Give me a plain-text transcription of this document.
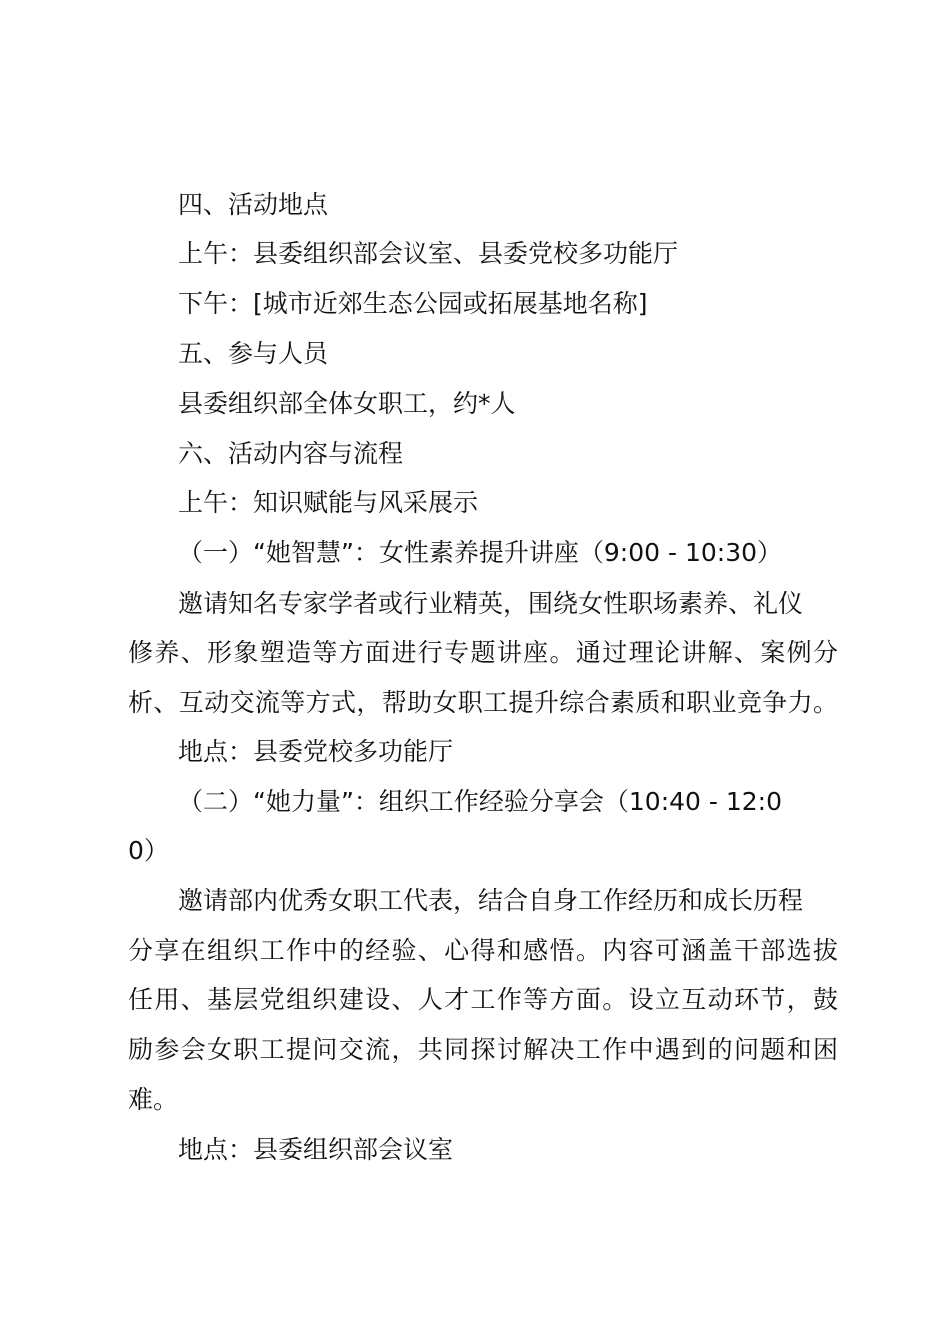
四、活动地点
上午：县委组织部会议室、县委党校多功能厅
下午：[城市近郊生态公园或拓展基地名称]
五、参与人员
县委组织部全体女职工，约*人
六、活动内容与流程
上午：知识赋能与风采展示
（一）“她智慧”：女性素养提升讲座（9:00 - 10:30）
邀请知名专家学者或行业精英，围绕女性职场素养、礼仪
修养、形象塑造等方面进行专题讲座。通过理论讲解、案例分
析、互动交流等方式，帮助女职工提升综合素质和职业竞争力。
地点：县委党校多功能厅
（二）“她力量”：组织工作经验分享会（10:40 - 12:0
0）
邀请部内优秀女职工代表，结合自身工作经历和成长历程
分享在组织工作中的经验、心得和感悟。内容可涵盖干部选拔
任用、基层党组织建设、人才工作等方面。设立互动环节，鼓
励参会女职工提问交流，共同探讨解决工作中遇到的问题和困
难。
地点：县委组织部会议室
